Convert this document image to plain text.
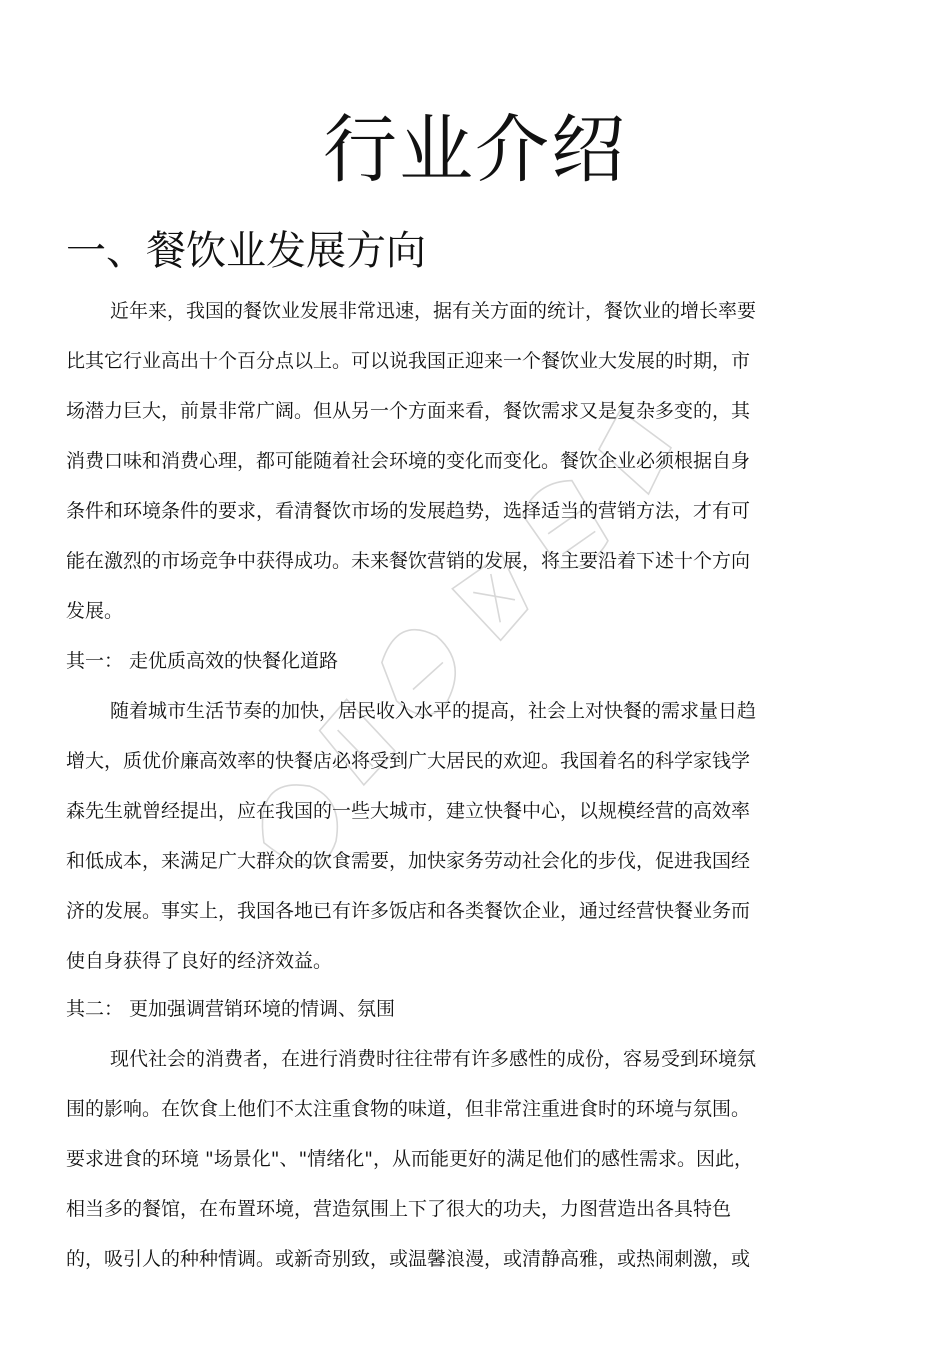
行业介绍
一、餐饮业发展方向

近年来，我国的餐饮业发展非常迅速，据有关方面的统计，餐饮业的增长率要

比其它行业高出十个百分点以上。可以说我国正迎来一个餐饮业大发展的时期，市

场潜力巨大，前景非常广阔。但从另一个方面来看，餐饮需求又是复杂多变的，其

消费口味和消费心理，都可能随着社会环境的变化而变化。餐饮企业必须根据自身

条件和环境条件的要求，看清餐饮市场的发展趋势，选择适当的营销方法，才有可

能在激烈的市场竞争中获得成功。未来餐饮营销的发展，将主要沿着下述十个方向

发展。

其一： 走优质高效的快餐化道路

随着城市生活节奏的加快，居民收入水平的提高，社会上对快餐的需求量日趋

增大，质优价廉高效率的快餐店必将受到广大居民的欢迎。我国着名的科学家钱学

森先生就曾经提出，应在我国的一些大城市，建立快餐中心，以规模经营的高效率

和低成本，来满足广大群众的饮食需要，加快家务劳动社会化的步伐，促进我国经

济的发展。事实上，我国各地已有许多饭店和各类餐饮企业，通过经营快餐业务而

使自身获得了良好的经济效益。

其二： 更加强调营销环境的情调、氛围

现代社会的消费者，在进行消费时往往带有许多感性的成份，容易受到环境氛

围的影响。在饮食上他们不太注重食物的味道，但非常注重进食时的环境与氛围。

要求进食的环境 "场景化"、"情绪化"，从而能更好的满足他们的感性需求。因此，

相当多的餐馆，在布置环境，营造氛围上下了很大的功夫，力图营造出各具特色

的，吸引人的种种情调。或新奇别致，或温馨浪漫，或清静高雅，或热闹刺激，或
